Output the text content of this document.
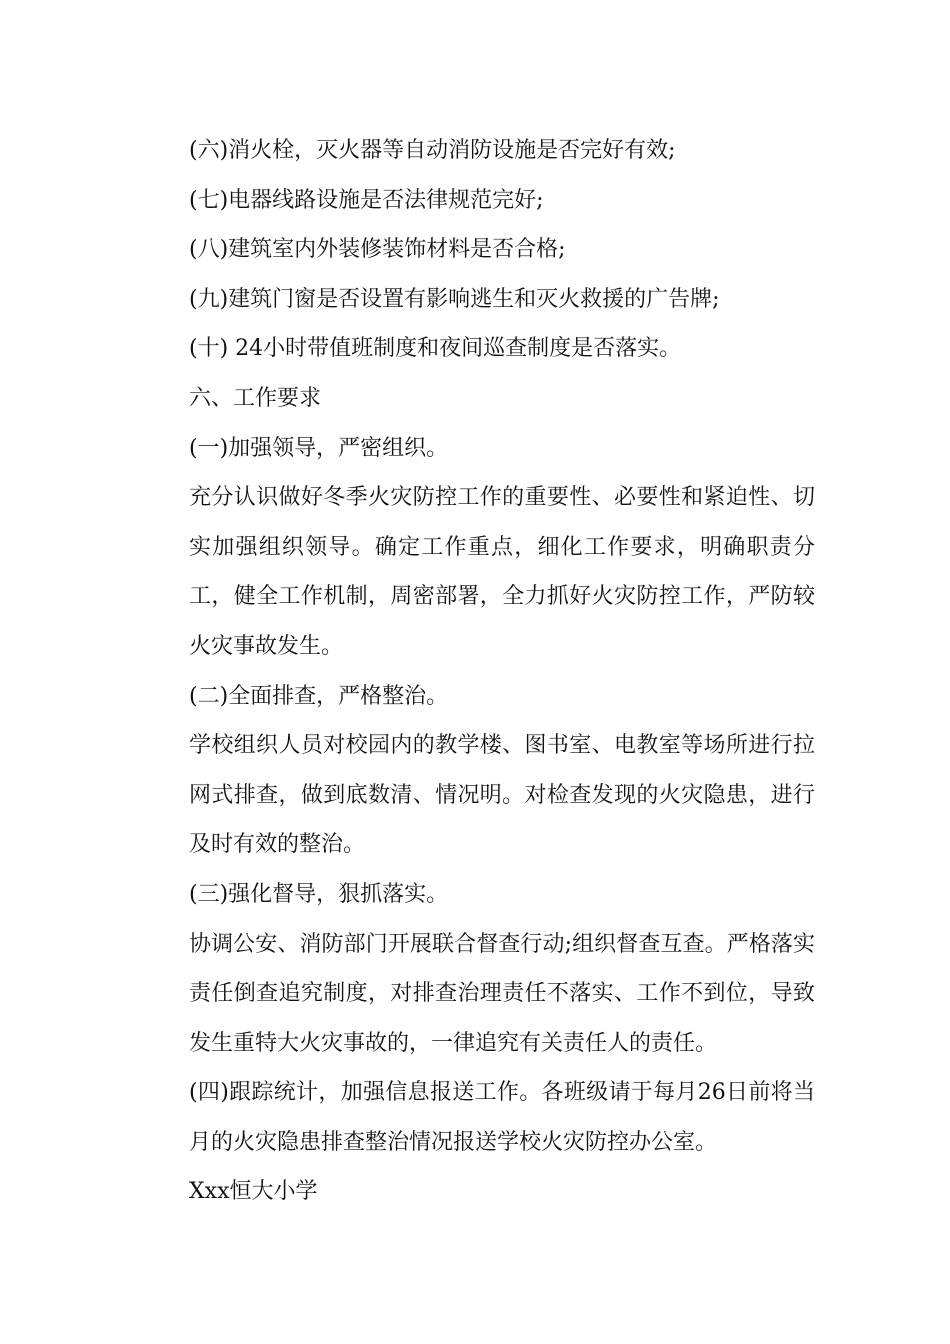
(六)消火栓，灭火器等自动消防设施是否完好有效;

(七)电器线路设施是否法律规范完好;

(八)建筑室内外装修装饰材料是否合格;

(九)建筑门窗是否设置有影响逃生和灭火救援的广告牌;

(十) 24小时带值班制度和夜间巡查制度是否落实。

六、工作要求

(一)加强领导，严密组织。

充分认识做好冬季火灾防控工作的重要性、必要性和紧迫性、切实加强组织领导。确定工作重点，细化工作要求，明确职责分工，健全工作机制，周密部署，全力抓好火灾防控工作，严防较火灾事故发生。

(二)全面排查，严格整治。

学校组织人员对校园内的教学楼、图书室、电教室等场所进行拉网式排查，做到底数清、情况明。对检查发现的火灾隐患，进行及时有效的整治。

(三)强化督导，狠抓落实。

协调公安、消防部门开展联合督查行动;组织督查互查。严格落实责任倒查追究制度，对排查治理责任不落实、工作不到位，导致发生重特大火灾事故的，一律追究有关责任人的责任。

(四)跟踪统计，加强信息报送工作。各班级请于每月26日前将当月的火灾隐患排查整治情况报送学校火灾防控办公室。

Xxx恒大小学
